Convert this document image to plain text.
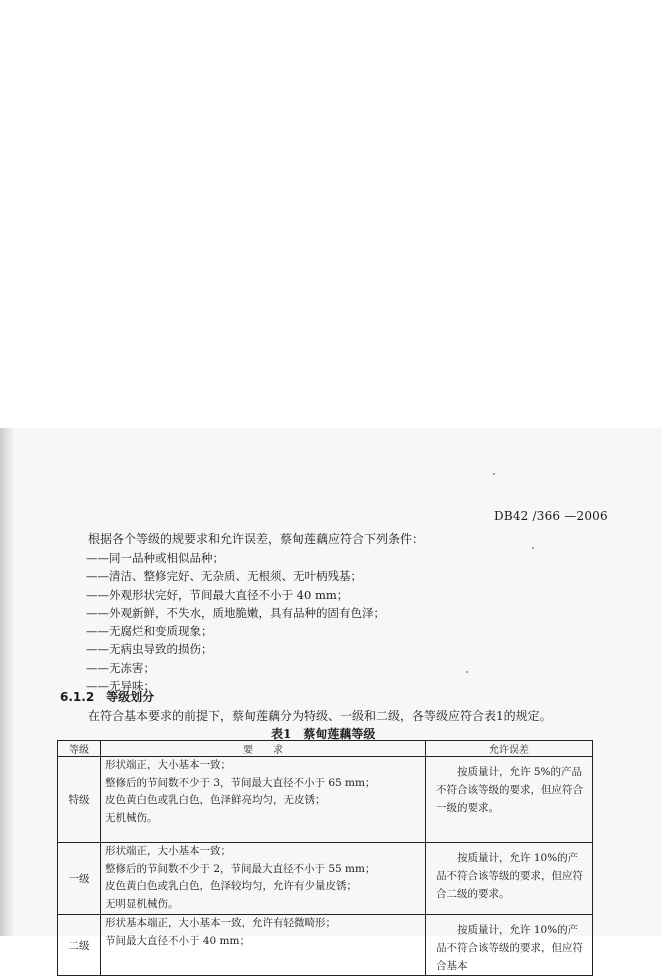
DB42 /366 —2006
根据各个等级的规要求和允许误差，蔡甸莲藕应符合下列条件：
——同一品种或相似品种；
——清洁、整修完好、无杂质、无根须、无叶柄残基；
——外观形状完好，节间最大直径不小于 40 mm；
——外观新鲜，不失水，质地脆嫩，具有品种的固有色泽；
——无腐烂和变质现象；
——无病虫导致的损伤；
——无冻害；
——无异味；
6.1.2 等级划分
在符合基本要求的前提下，蔡甸莲藕分为特级、一级和二级，各等级应符合表1的规定。
表1　蔡甸莲藕等级
等级	要　　求	允许误差
特级	形状端正，大小基本一致；
整修后的节间数不少于 3，节间最大直径不小于 65 mm；
皮色黄白色或乳白色，色泽鲜亮均匀，无皮锈；
无机械伤。	按质量计，允许 5%的产品不符合该等级的要求，但应符合一级的要求。

一级	形状端正，大小基本一致；
整修后的节间数不少于 2，节间最大直径不小于 55 mm；
皮色黄白色或乳白色，色泽较均匀，允许有少量皮锈；
无明显机械伤。	按质量计，允许 10%的产品不符合该等级的要求，但应符合二级的要求。

二级	形状基本端正，大小基本一致，允许有轻微畸形；
节间最大直径不小于 40 mm；	按质量计，允许 10%的产品不符合该等级的要求，但应符合基本
